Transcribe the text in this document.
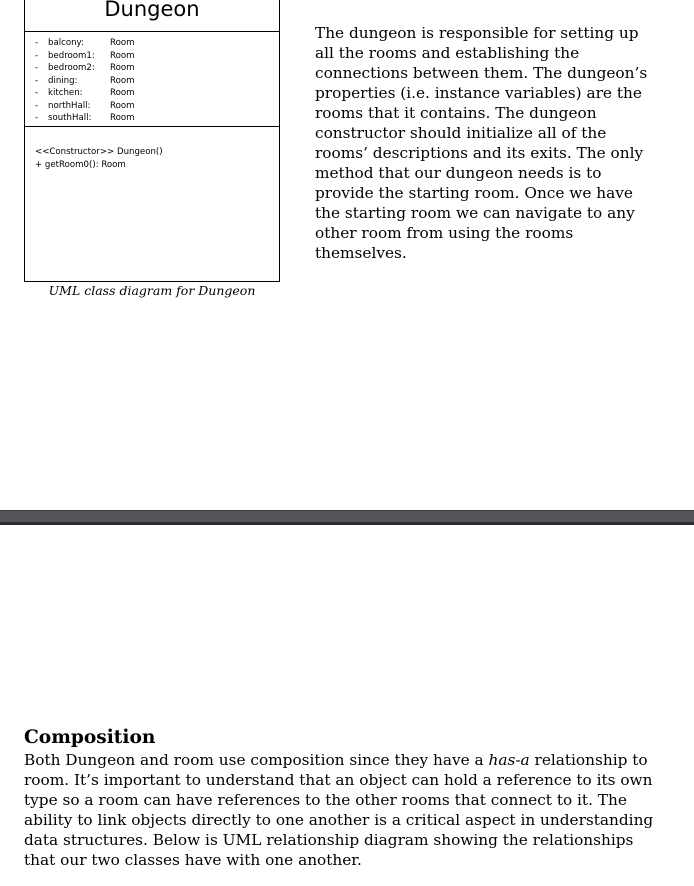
Dungeon
-	balcony:	Room
-	bedroom1:	Room
-	bedroom2:	Room
-	dining:	Room
-	kitchen:	Room
-	northHall:	Room
-	southHall:	Room
<<Constructor>> Dungeon()
+ getRoom0(): Room
UML class diagram for Dungeon

The dungeon is responsible for setting up all the rooms and establishing the connections between them. The dungeon’s properties (i.e. instance variables) are the rooms that it contains. The dungeon constructor should initialize all of the rooms’ descriptions and its exits. The only method that our dungeon needs is to provide the starting room. Once we have the starting room we can navigate to any other room from using the rooms themselves.

Composition

Both Dungeon and room use composition since they have a has-a relationship to room. It’s important to understand that an object can hold a reference to its own type so a room can have references to the other rooms that connect to it. The ability to link objects directly to one another is a critical aspect in understanding data structures. Below is UML relationship diagram showing the relationships that our two classes have with one another.
